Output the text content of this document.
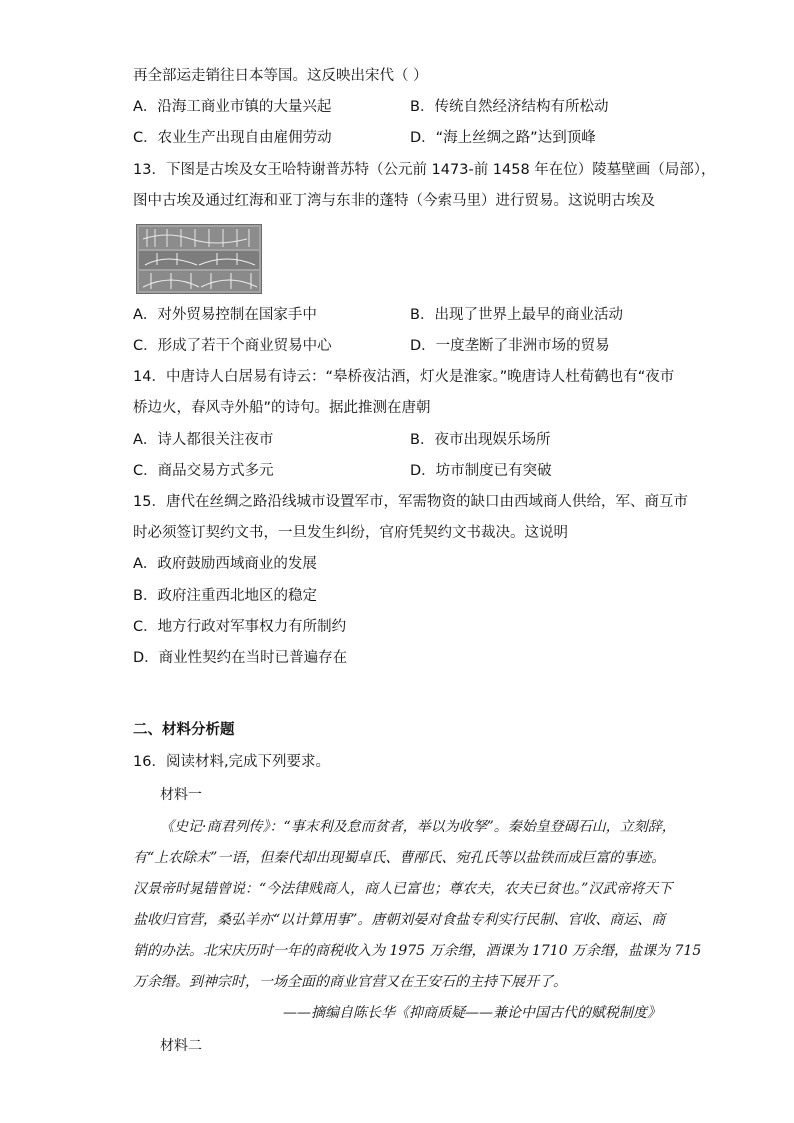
再全部运走销往日本等国。这反映出宋代（ ）
A．沿海工商业市镇的大量兴起	B．传统自然经济结构有所松动
C．农业生产出现自由雇佣劳动	D．“海上丝绸之路”达到顶峰
13．下图是古埃及女王哈特谢普苏特（公元前 1473-前 1458 年在位）陵墓壁画（局部），
图中古埃及通过红海和亚丁湾与东非的蓬特（今索马里）进行贸易。这说明古埃及
A．对外贸易控制在国家手中	B．出现了世界上最早的商业活动
C．形成了若干个商业贸易中心	D．一度垄断了非洲市场的贸易
14．中唐诗人白居易有诗云：“皋桥夜沽酒，灯火是淮家。”晚唐诗人杜荀鹤也有“夜市
桥边火，春风寺外船”的诗句。据此推测在唐朝
A．诗人都很关注夜市	B．夜市出现娱乐场所
C．商品交易方式多元	D．坊市制度已有突破
15．唐代在丝绸之路沿线城市设置军市，军需物资的缺口由西域商人供给，军、商互市
时必须签订契约文书，一旦发生纠纷，官府凭契约文书裁决。这说明
A．政府鼓励西域商业的发展
B．政府注重西北地区的稳定
C．地方行政对军事权力有所制约
D．商业性契约在当时已普遍存在
二、材料分析题
16．阅读材料,完成下列要求。
材料一
《史记·商君列传》：“事末利及怠而贫者，举以为收孥”。秦始皇登碣石山，立刻辞，
有“上农除末”一语，但秦代却出现蜀卓氏、曹邴氏、宛孔氏等以盐铁而成巨富的事迹。
汉景帝时晁错曾说：“今法律贱商人，商人已富也；尊农夫，农夫已贫也。”汉武帝将天下
盐收归官营，桑弘羊亦“以计算用事”。唐朝刘晏对食盐专利实行民制、官收、商运、商
销的办法。北宋庆历时一年的商税收入为 1975 万余缗，酒课为 1710 万余缗，盐课为 715
万余缗。到神宗时，一场全面的商业官营又在王安石的主持下展开了。
——摘编自陈长华《抑商质疑——兼论中国古代的赋税制度》
材料二
